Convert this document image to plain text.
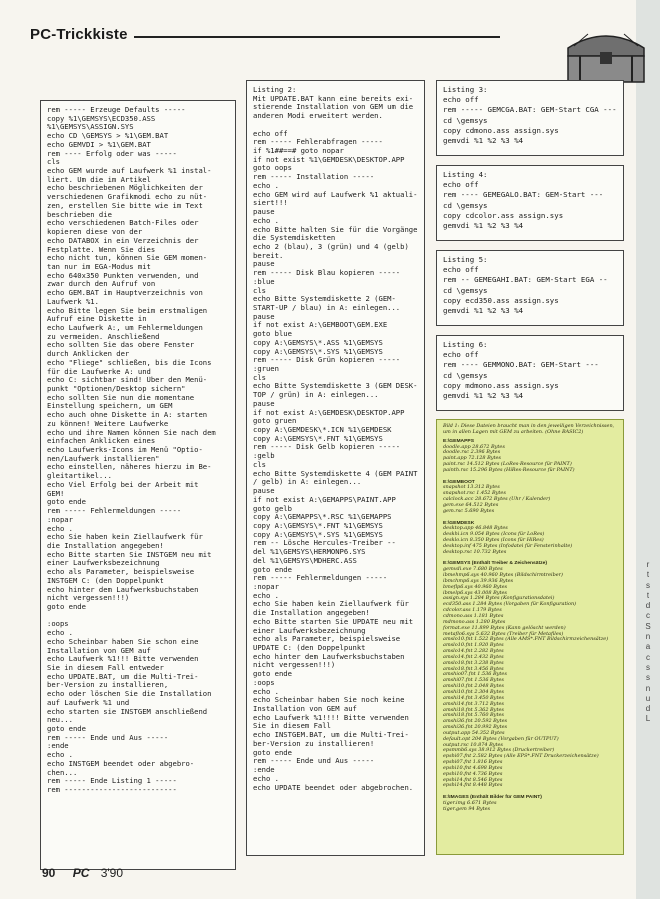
PC-Trickkiste
rem ----- Erzeuge Defaults -----
copy %1\GEMSYS\ECD350.ASS
%1\GEMSYS\ASSIGN.SYS
echo CD \GEMSYS > %1\GEM.BAT
echo GEMVDI > %1\GEM.BAT
rem ---- Erfolg oder was -----
cls
echo GEM wurde auf Laufwerk %1 instal-
liert. Um die im Artikel
echo beschriebenen Möglichkeiten der
verschiedenen Grafikmodi echo zu nüt-
zen, erstellen Sie bitte wie im Text
beschrieben die
echo verschiedenen Batch-Files oder
kopieren diese von der
echo DATABOX in ein Verzeichnis der
Festplatte. Wenn Sie dies
echo nicht tun, können Sie GEM momen-
tan nur im EGA-Modus mit
echo 640x350 Punkten verwenden, und
zwar durch den Aufruf von
echo GEM.BAT im Hauptverzeichnis von
Laufwerk %1.
echo Bitte legen Sie beim erstmaligen
Aufruf eine Diskette in
echo Laufwerk A:, um Fehlermeldungen
zu vermeiden. Anschließend
echo sollten Sie das obere Fenster
durch Anklicken der
echo "Fliege" schließen, bis die Icons
für die Laufwerke A: und
echo C: sichtbar sind! Über den Menü-
punkt "Optionen/Desktop sichern"
echo sollten Sie nun die momentane
Einstellung speichern, um GEM
echo auch ohne Diskette in A: starten
zu können! Weitere Laufwerke
echo und ihre Namen können Sie nach dem
einfachen Anklicken eines
echo Laufwerks-Icons im Menü "Optio-
nen/Laufwerk installieren"
echo einstellen, näheres hierzu im Be-
gleitartikel...
echo Viel Erfolg bei der Arbeit mit
GEM!
goto ende
rem ----- Fehlermeldungen -----
:nopar
echo .
echo Sie haben kein Ziellaufwerk für
die Installation angegeben!
echo Bitte starten Sie INSTGEM neu mit
einer Laufwerksbezeichnung
echo als Parameter, beispielsweise
INSTGEM C: (den Doppelpunkt
echo hinter dem Laufwerksbuchstaben
nicht vergessen!!!)
goto ende

:oops
echo .
echo Scheinbar haben Sie schon eine
Installation von GEM auf
echo Laufwerk %1!!! Bitte verwenden
Sie in diesem Fall entweder
echo UPDATE.BAT, um die Multi-Trei-
ber-Version zu installieren,
echo oder löschen Sie die Installation
auf Laufwerk %1 und
echo starten sie INSTGEM anschließend
neu...
goto ende
rem ----- Ende und Aus -----
:ende
echo .
echo INSTGEM beendet oder abgebro-
chen...
rem ----- Ende Listing 1 -----
rem --------------------------
Listing 2:
Mit UPDATE.BAT kann eine bereits exi-
stierende Installation von GEM um die
anderen Modi erweitert werden.

echo off
rem ----- Fehlerabfragen -----
if %1##==# goto nopar
if not exist %1\GEMDESK\DESKTOP.APP
goto oops
rem ----- Installation -----
echo .
echo GEM wird auf Laufwerk %1 aktuali-
siert!!!
pause
echo .
echo Bitte halten Sie für die Vorgänge
die Systemdisketten
echo 2 (blau), 3 (grün) und 4 (gelb)
bereit.
pause
rem ----- Disk Blau kopieren -----
:blue
cls
echo Bitte Systemdiskette 2 (GEM-
START-UP / blau) in A: einlegen...
pause
if not exist A:\GEMBOOT\GEM.EXE
goto blue
copy A:\GEMSYS\*.ASS %1\GEMSYS
copy A:\GEMSYS\*.SYS %1\GEMSYS
rem ----- Disk Grün kopieren -----
:gruen
cls
echo Bitte Systemdiskette 3 (GEM DESK-
TOP / grün) in A: einlegen...
pause
if not exist A:\GEMDESK\DESKTOP.APP
goto gruen
copy A:\GEMDESK\*.ICN %1\GEMDESK
copy A:\GEMSYS\*.FNT %1\GEMSYS
rem ----- Disk Gelb kopieren -----
:gelb
cls
echo Bitte Systemdiskette 4 (GEM PAINT
/ gelb) in A: einlegen...
pause
if not exist A:\GEMAPPS\PAINT.APP
goto gelb
copy A:\GEMAPPS\*.RSC %1\GEMAPPS
copy A:\GEMSYS\*.FNT %1\GEMSYS
copy A:\GEMSYS\*.SYS %1\GEMSYS
rem -- Lösche Hercules-Treiber --
del %1\GEMSYS\HERMONP6.SYS
del %1\GEMSYS\MDHERC.ASS
goto ende
rem ----- Fehlermeldungen -----
:nopar
echo .
echo Sie haben kein Ziellaufwerk für
die Installation angegeben!
echo Bitte starten Sie UPDATE neu mit
einer Laufwerksbezeichnung
echo als Parameter, beispielsweise
UPDATE C: (den Doppelpunkt
echo hinter dem Laufwerksbuchstaben
nicht vergessen!!!)
goto ende
:oops
echo .
echo Scheinbar haben Sie noch keine
Installation von GEM auf
echo Laufwerk %1!!!! Bitte verwenden
Sie in diesem Fall
echo INSTGEM.BAT, um die Multi-Trei-
ber-Version zu installieren!
goto ende
rem ----- Ende und Aus -----
:ende
echo .
echo UPDATE beendet oder abgebrochen.
Listing 3:
echo off
rem ----- GEMCGA.BAT: GEM-Start CGA ---
cd \gemsys
copy cdmono.ass assign.sys
gemvdi %1 %2 %3 %4
Listing 4:
echo off
rem ---- GEMEGALO.BAT: GEM-Start ---
cd \gemsys
copy cdcolor.ass assign.sys
gemvdi %1 %2 %3 %4
Listing 5:
echo off
rem -- GEMEGAHI.BAT: GEM-Start EGA --
cd \gemsys
copy ecd350.ass assign.sys
gemvdi %1 %2 %3 %4
Listing 6:
echo off
rem ---- GEMMONO.BAT: GEM-Start ---
cd \gemsys
copy mdmono.ass assign.sys
gemvdi %1 %2 %3 %4
Bild 1: Diese Dateien braucht man in den jeweiligen Verzeichnissen, um in allen Lagen mit GEM zu arbeiten. (Ohne BASIC2)
E:\GEMAPPS
doodle.app 28.672 Bytes
doodle.rsc 2.396 Bytes
paint.app 72.128 Bytes
paint.rsc 14.512 Bytes (LoRes-Resource für PAINT)
painth.rsc 15.296 Bytes (HiRes-Resource für PAINT)

E:\GEMBOOT
snapshot 13.312 Bytes
snapshot.rsc 1.452 Bytes
calclock.acc 28.672 Bytes (Uhr / Kalender)
gem.exe 64.512 Bytes
gem.rsc 5.690 Bytes

E:\GEMDESK
desktop.app 46.848 Bytes
deskhi.icn 9.054 Bytes (Icons für LoRes)
desklo.icn 8.350 Bytes (Icons für HiRes)
desktop.inf 475 Bytes (Infodatei für Fensterinhalte)
desktop.rsc 10.732 Bytes

E:\GEMSYS (Enthält Treiber & Zeichensätze)
gemvdi.exe 7.680 Bytes
ibmehmp6.sys 40.960 Bytes (Bildschirmtreiber)
ibmchmp6.sys 39.936 Bytes
bmeflp6.sys 40.960 Bytes
ibmelp6.sys 43.008 Bytes
assign.sys 1.284 Bytes (Konfigurationsdatei)
ecd350.ass 1.284 Bytes (Vorgaben für Konfiguration)
cdcolor.ass 1.179 Bytes
cdmono.ass 1.181 Bytes
mdmono.ass 1.280 Bytes
format.exe 11.899 Bytes (Kann gelöscht werden)
metaflo6.sys 5.632 Bytes (Treiber für Metafiles)
amslo10.fnt 1.522 Bytes (Alle AMS*.FNT Bildschirmzeichensätze)
amslo10.fnt 1.920 Bytes
amslo14.fnt 2.282 Bytes
amslo14.fnt 2.432 Bytes
amslo18.fnt 3.238 Bytes
amslo18.fnt 3.456 Bytes
amshio07.fnt 1.536 Bytes
amshi07.fnt 1.536 Bytes
amshi10.fnt 2.048 Bytes
amshi10.fnt 2.304 Bytes
amshi14.fnt 3.450 Bytes
amshi14.fnt 3.712 Bytes
amshi18.fnt 5.362 Bytes
amshi18.fnt 5.760 Bytes
amshi36.fnt 20.592 Bytes
amshi36.fnt 20.992 Bytes
output.app 54.352 Bytes
default.opt 204 Bytes (Vorgaben für OUTPUT)
output.rsc 10.874 Bytes
epsmmb6.sys 38.912 Bytes (Druckertreiber)
epshi07.fnt 2.582 Bytes (Alle EPS*.FNT Druckerzeichensätze)
epshi07.fnt 1.816 Bytes
epshi10.fnt 4.698 Bytes
epshi10.fnt 4.736 Bytes
epshi14.fnt 8.546 Bytes
epshi14.fnt 8.448 Bytes

E:\IMAGES (Enthält Bilder für GEM PAINT)
tiger.img 6.671 Bytes
tiger.gem 94 Bytes
90 PC 3'90
r
t
s
t
d
c
S
n
a
c
s
s
n
u
d
L
